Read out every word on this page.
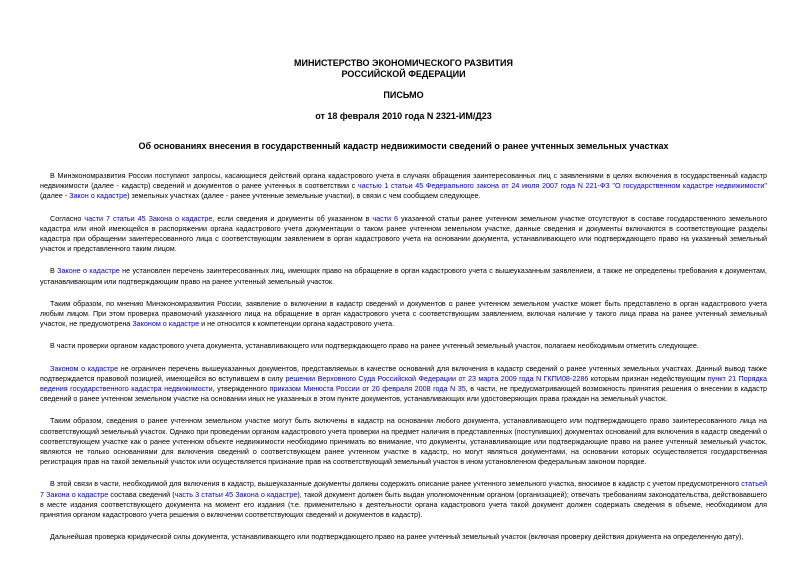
МИНИСТЕРСТВО ЭКОНОМИЧЕСКОГО РАЗВИТИЯ

РОССИЙСКОЙ ФЕДЕРАЦИИ

ПИСЬМО

от 18 февраля 2010 года N 2321-ИМ/Д23

Об основаниях внесения в государственный кадастр недвижимости сведений о ранее учтенных земельных участках

В Минэкономразвития России поступают запросы, касающиеся действий органа кадастрового учета в случаях обращения заинтересованных лиц с заявлениями в целях включения в государственный кадастр недвижимости (далее - кадастр) сведений и документов о ранее учтенных в соответствии с частью 1 статьи 45 Федерального закона от 24 июля 2007 года N 221-ФЗ "О государственном кадастре недвижимости" (далее - Закон о кадастре) земельных участках (далее - ранее учтенные земельные участки), в связи с чем сообщаем следующее.

Согласно части 7 статьи 45 Закона о кадастре, если сведения и документы об указанном в части 6 указанной статьи ранее учтенном земельном участке отсутствуют в составе государственного земельного кадастра или иной имеющейся в распоряжении органа кадастрового учета документации о таком ранее учтенном земельном участке, данные сведения и документы включаются в соответствующие разделы кадастра при обращении заинтересованного лица с соответствующим заявлением в орган кадастрового учета на основании документа, устанавливающего или подтверждающего право на указанный земельный участок и представленного таким лицом.

В Законе о кадастре не установлен перечень заинтересованных лиц, имеющих право на обращение в орган кадастрового учета с вышеуказанным заявлением, а также не определены требования к документам, устанавливающим или подтверждающим право на ранее учтенный земельный участок.

Таким образом, по мнению Минэкономразвития России, заявление о включении в кадастр сведений и документов о ранее учтенном земельном участке может быть представлено в орган кадастрового учета любым лицом. При этом проверка правомочий указанного лица на обращение в орган кадастрового учета с соответствующим заявлением, включая наличие у такого лица права на ранее учтенный земельный участок, не предусмотрена Законом о кадастре и не относится к компетенции органа кадастрового учета.

В части проверки органом кадастрового учета документа, устанавливающего или подтверждающего право на ранее учтенный земельный участок, полагаем необходимым отметить следующее.

Законом о кадастре не ограничен перечень вышеуказанных документов, представляемых в качестве оснований для включения в кадастр сведений о ранее учтенных земельных участках. Данный вывод также подтверждается правовой позицией, имеющейся во вступившем в силу решении Верховного Суда Российской Федерации от 23 марта 2009 года N ГКПИ08-2286 которым признан недействующим пункт 21 Порядка ведения государственного кадастра недвижимости, утвержденного приказом Минюста России от 20 февраля 2008 года N 35, в части, не предусматривающей возможность принятия решения о внесении в кадастр сведений о ранее учтенном земельном участке на основании иных не указанных в этом пункте документов, устанавливающих или удостоверяющих права граждан на земельный участок.

Таким образом, сведения о ранее учтенном земельном участке могут быть включены в кадастр на основании любого документа, устанавливающего или подтверждающего право заинтересованного лица на соответствующий земельный участок. Однако при проведении органом кадастрового учета проверки на предмет наличия в представленных (поступивших) документах оснований для включения в кадастр сведений о соответствующем участке как о ранее учтенном объекте недвижимости необходимо принимать во внимание, что документы, устанавливающие или подтверждающие право на ранее учтенный земельный участок, являются не только основаниями для включения сведений о соответствующем ранее учтенном участке в кадастр, но могут являться документами, на основании которых осуществляется государственная регистрация прав на такой земельный участок или осуществляется признание прав на соответствующий земельный участок в ином установленном федеральным законом порядке.

В этой связи в части, необходимой для включения в кадастр, вышеуказанные документы должны содержать описание ранее учтенного земельного участка, вносимое в кадастр с учетом предусмотренного статьей 7 Закона о кадастре состава сведений (часть 3 статьи 45 Закона о кадастре), такой документ должен быть выдан уполномоченным органом (организацией); отвечать требованиям законодательства, действовавшего в месте издания соответствующего документа на момент его издания (т.е. применительно к деятельности органа кадастрового учета такой документ должен содержать сведения в объеме, необходимом для принятия органом кадастрового учета решения о включении соответствующих сведений и документов в кадастр).

Дальнейшая проверка юридической силы документа, устанавливающего или подтверждающего право на ранее учтенный земельный участок (включая проверку действия документа на определенную дату),
